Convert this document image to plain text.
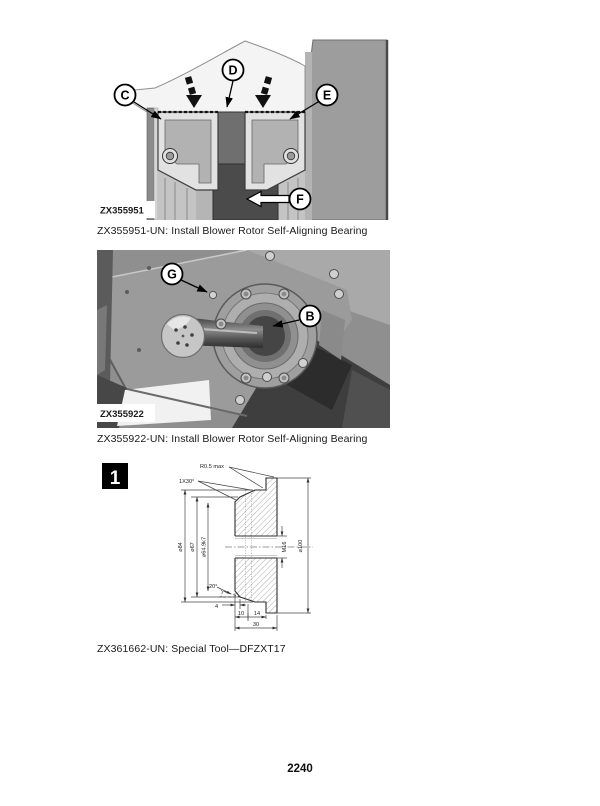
C
D
E
F
ZX355951
ZX355951-UN: Install Blower Rotor Self-Aligning Bearing
G
B
ZX355922
ZX355922-UN: Install Blower Rotor Self-Aligning Bearing
1
R0.5 max
1X30°
⌀84 ⌀67 ⌀64.9k7
20°
M16 ⌀100
4
10 14
30
ZX361662-UN: Special Tool—DFZXT17
2240
